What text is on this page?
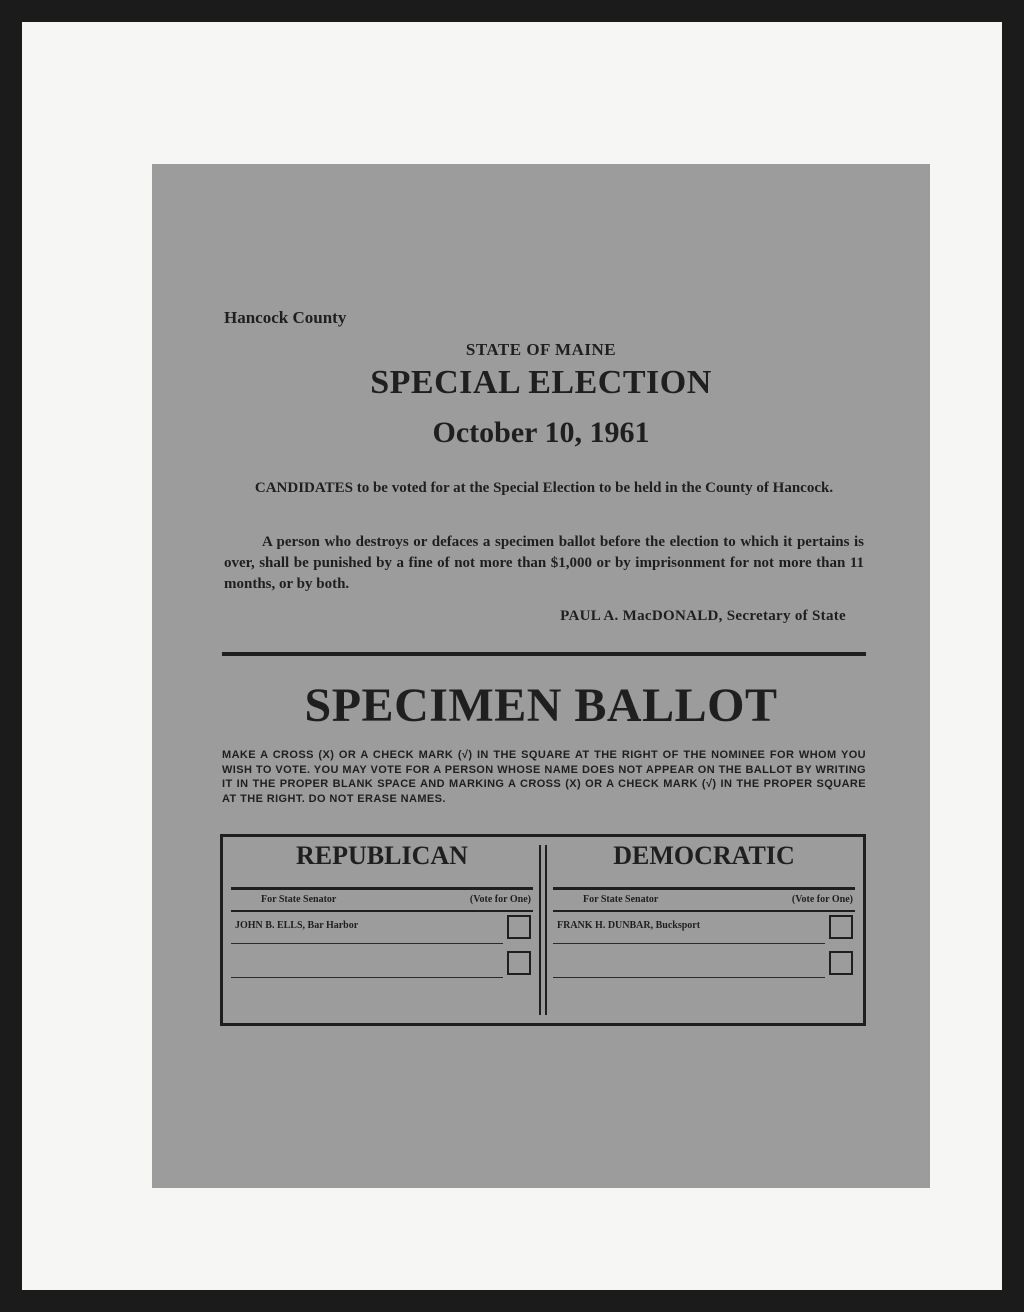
Hancock County
STATE OF MAINE
SPECIAL ELECTION
October 10, 1961
CANDIDATES to be voted for at the Special Election to be held in the County of Hancock.
A person who destroys or defaces a specimen ballot before the election to which it pertains is over, shall be punished by a fine of not more than $1,000 or by imprisonment for not more than 11 months, or by both.
PAUL A. MacDONALD, Secretary of State
SPECIMEN BALLOT
MAKE A CROSS (X) OR A CHECK MARK (√) IN THE SQUARE AT THE RIGHT OF THE NOMINEE FOR WHOM YOU WISH TO VOTE. YOU MAY VOTE FOR A PERSON WHOSE NAME DOES NOT APPEAR ON THE BALLOT BY WRITING IT IN THE PROPER BLANK SPACE AND MARKING A CROSS (X) OR A CHECK MARK (√) IN THE PROPER SQUARE AT THE RIGHT. DO NOT ERASE NAMES.
REPUBLICAN
For State Senator	(Vote for One)
JOHN B. ELLS, Bar Harbor
DEMOCRATIC
For State Senator	(Vote for One)
FRANK H. DUNBAR, Bucksport
